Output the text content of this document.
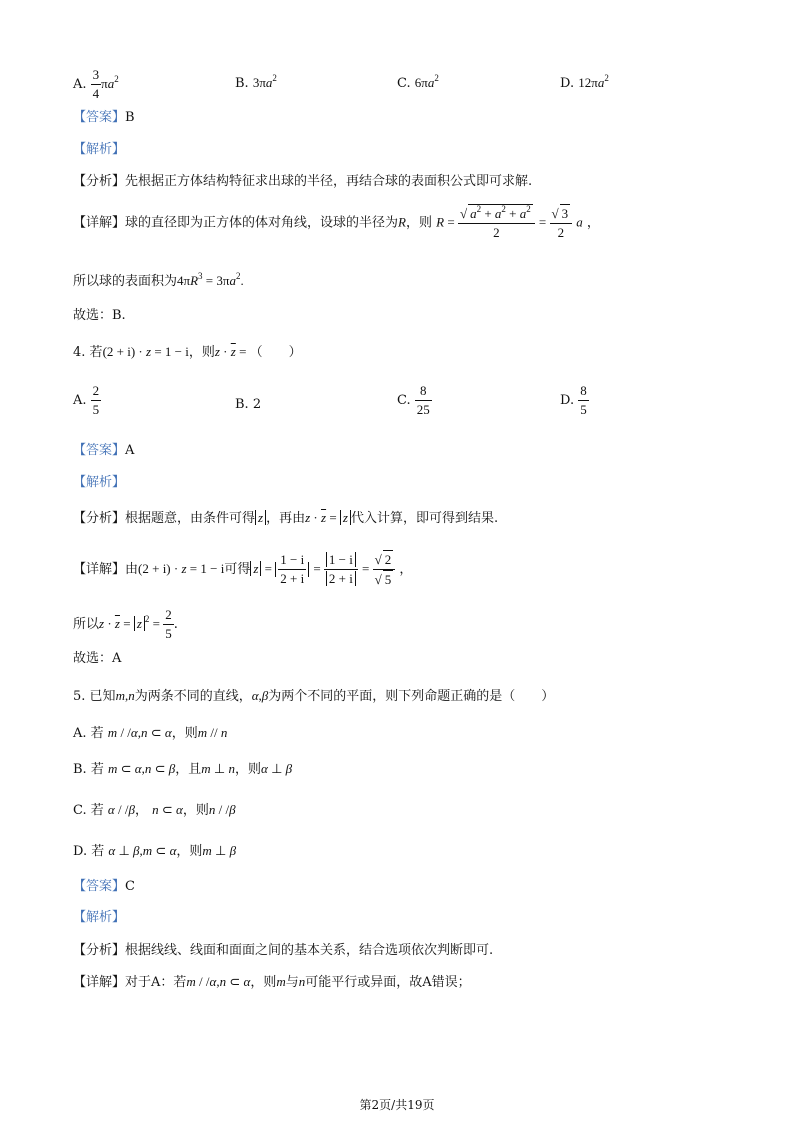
A. $\frac{3}{4} \pi a^2$	B. $3\pi a^2$	C. $6\pi a^2$	D. $12\pi a^2$
【答案】B
【解析】
【分析】先根据正方体结构特征求出球的半径，再结合球的表面积公式即可求解.
【详解】球的直径即为正方体的体对角线，设球的半径为R，则 $R = \frac{√ a^2 + a^2 + a^2}{2} = \frac{√ 3}{2}$ a ，
所以球的表面积为$4\pi R^3 = 3\pi a^2$.
故选：B.
4. 若(2 + i) · z = 1 − i，则$z \cdot \overline{z}$ = （　　）
A. $\frac{2}{5}$	B. 2	C. $\frac{8}{25}$	D. $\frac{8}{5}$
【答案】A
【解析】
【分析】根据题意，由条件可得 z ，再由$z \cdot \overline{z} = z$ 代入计算，即可得到结果.
【详解】由(2 + i) · z = 1 − i可得 $z = \frac{1 - i}{2 + i} = \frac{1 - i}{2 + i} = \frac{√ 2}{√ 5}$ ，
所以$z \cdot \overline{z} = z$ $^2 = \frac{2}{5}$ .
故选：A
5. 已知m,n为两条不同的直线，α,β为两个不同的平面，则下列命题正确的是（　　）
A. 若 m / /α,n ⊂ α，则m // n
B. 若 m ⊂ α,n ⊂ β，且m ⊥ n，则α ⊥ β
C. 若 α / /β， n ⊂ α，则n / /β
D. 若 α ⊥ β,m ⊂ α，则m ⊥ β
【答案】C
【解析】
【分析】根据线线、线面和面面之间的基本关系，结合选项依次判断即可.
【详解】对于A：若m / /α,n ⊂ α，则m与n可能平行或异面，故A错误；
第2页/共19页
